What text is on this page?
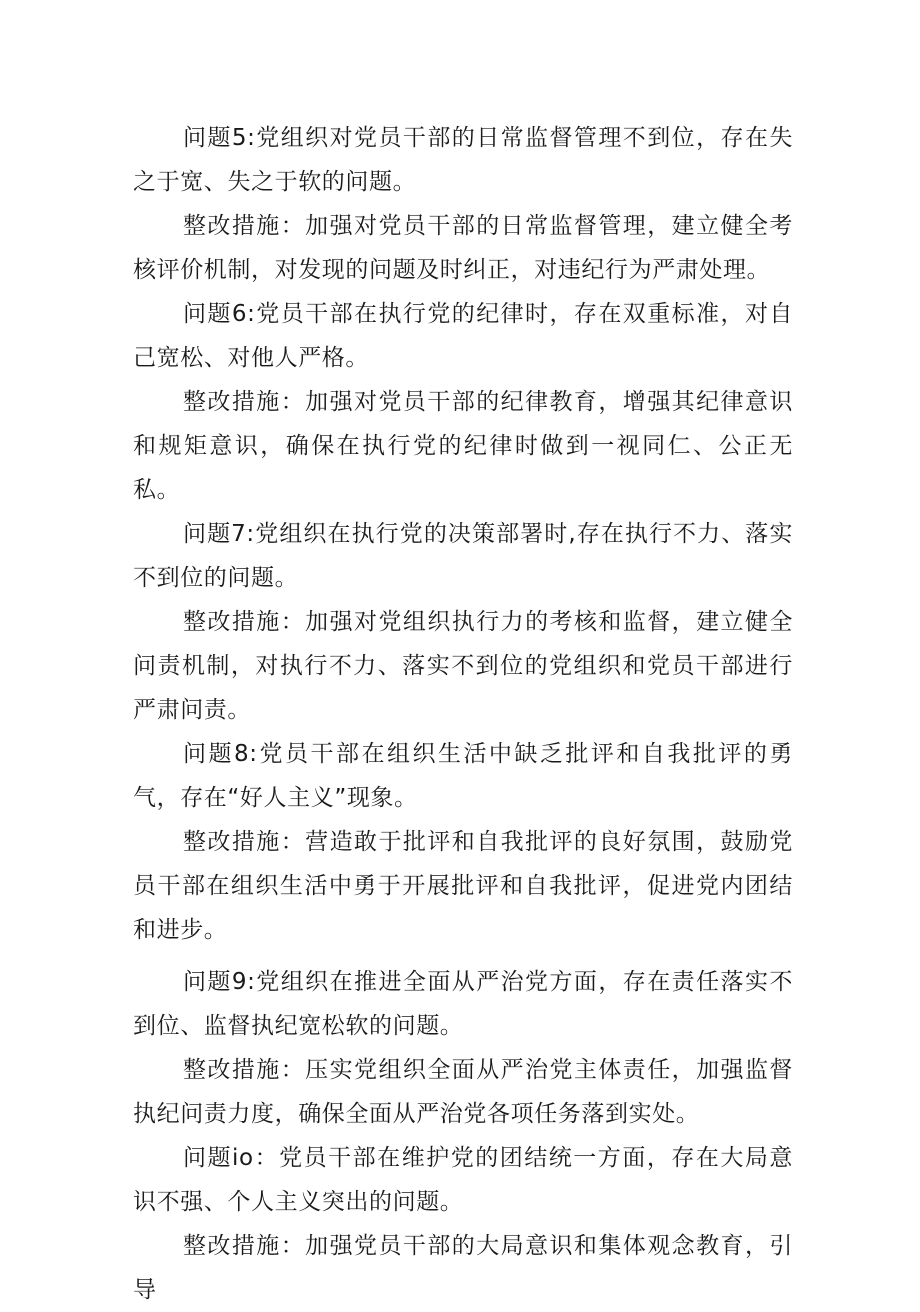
问题5:党组织对党员干部的日常监督管理不到位，存在失之于宽、失之于软的问题。

整改措施：加强对党员干部的日常监督管理，建立健全考核评价机制，对发现的问题及时纠正，对违纪行为严肃处理。

问题6:党员干部在执行党的纪律时，存在双重标准，对自己宽松、对他人严格。

整改措施：加强对党员干部的纪律教育，增强其纪律意识和规矩意识，确保在执行党的纪律时做到一视同仁、公正无私。

问题7:党组织在执行党的决策部署时,存在执行不力、落实不到位的问题。

整改措施：加强对党组织执行力的考核和监督，建立健全问责机制，对执行不力、落实不到位的党组织和党员干部进行严肃问责。

问题8:党员干部在组织生活中缺乏批评和自我批评的勇气，存在“好人主义”现象。

整改措施：营造敢于批评和自我批评的良好氛围，鼓励党员干部在组织生活中勇于开展批评和自我批评，促进党内团结和进步。

问题9:党组织在推进全面从严治党方面，存在责任落实不到位、监督执纪宽松软的问题。

整改措施：压实党组织全面从严治党主体责任，加强监督执纪问责力度，确保全面从严治党各项任务落到实处。

问题io：党员干部在维护党的团结统一方面，存在大局意识不强、个人主义突出的问题。

整改措施：加强党员干部的大局意识和集体观念教育，引导
